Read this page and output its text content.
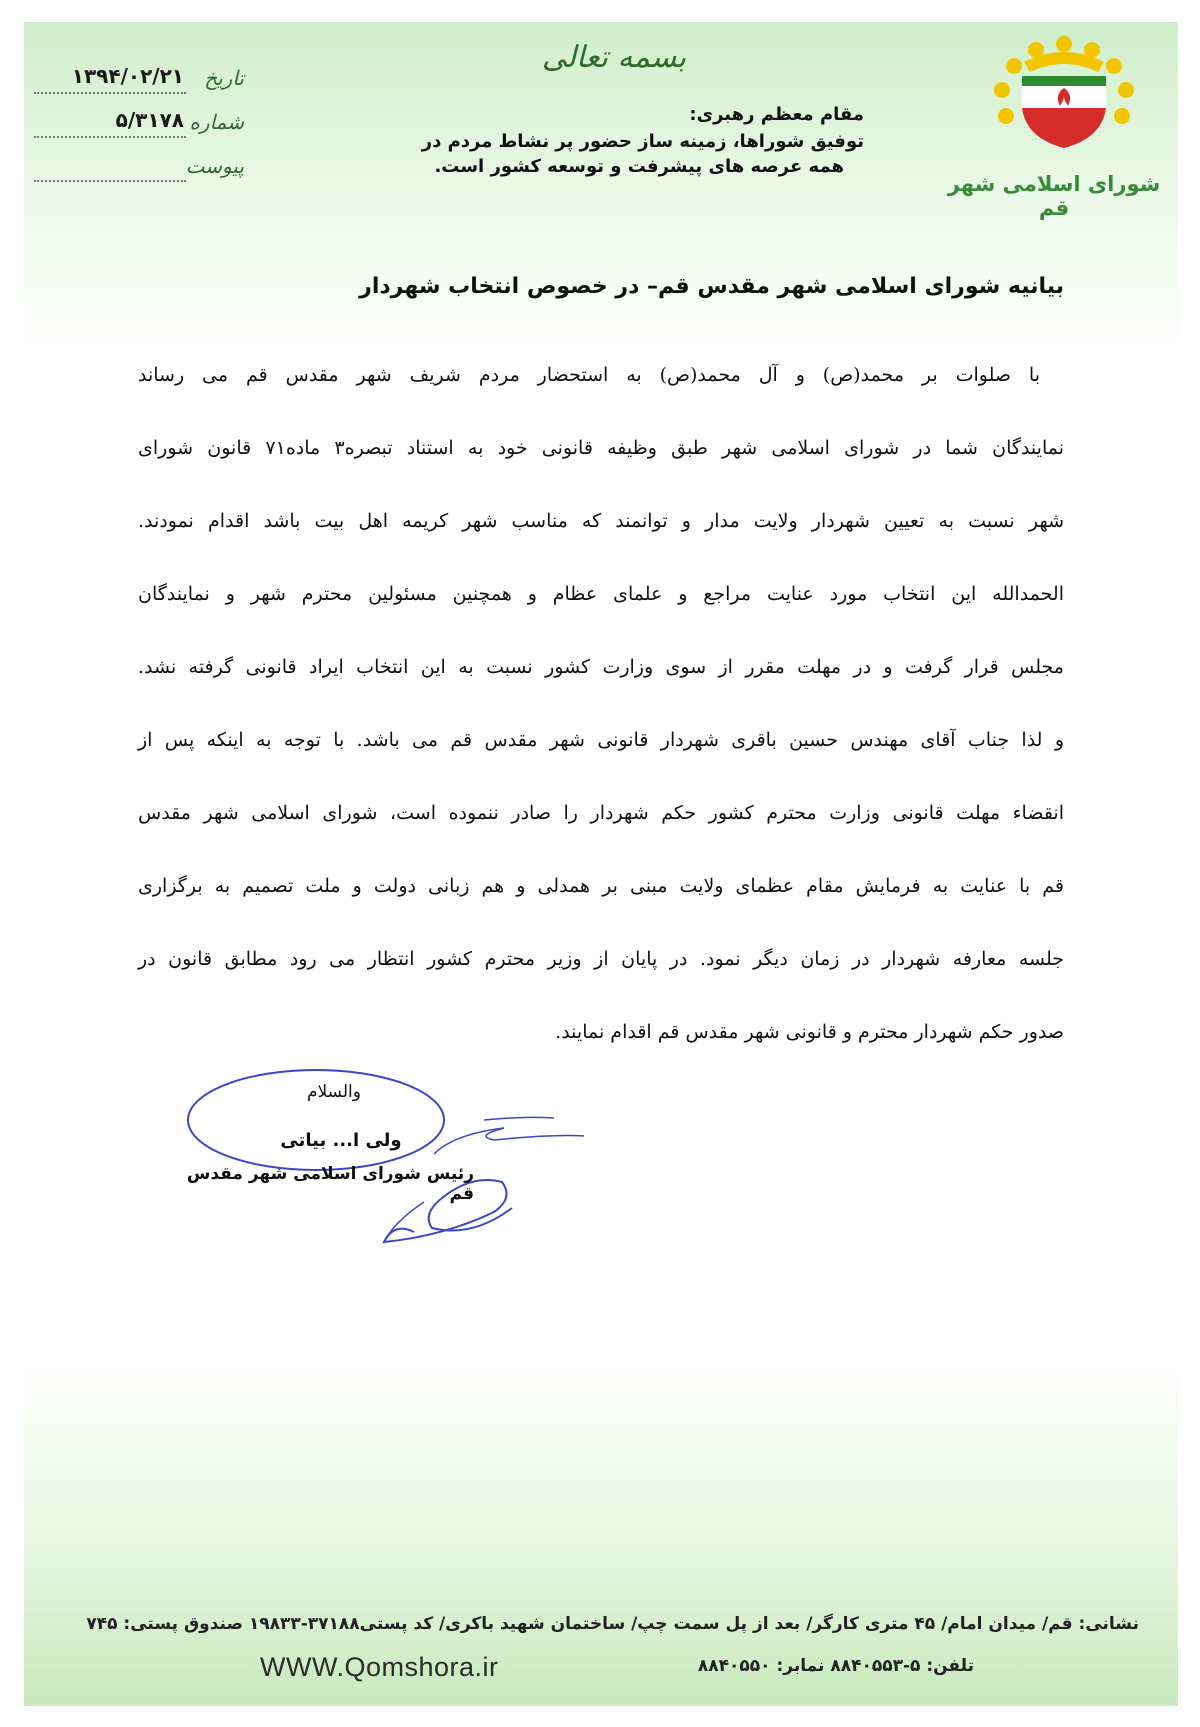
شورای اسلامی شهر قم
بسمه تعالی
مقام معظم رهبری:
توفیق شوراها، زمینه ساز حضور پر نشاط مردم در
همه عرصه های پیشرفت و توسعه کشور است.
تاریخ
۱۳۹۴/۰۲/۲۱
شماره
۵/۳۱۷۸
پیوست
بیانیه شورای اسلامی شهر مقدس قم– در خصوص انتخاب شهردار

با صلوات بر محمد(ص) و آل محمد(ص) به استحضار مردم شریف شهر مقدس قم می رساند

نمایندگان شما در شورای اسلامی شهر طبق وظیفه قانونی خود به استناد تبصره۳ ماده۷۱ قانون شورای

شهر نسبت به تعیین شهردار ولایت مدار و توانمند که مناسب شهر کریمه اهل بیت باشد اقدام نمودند.

الحمدالله این انتخاب مورد عنایت مراجع و علمای عظام و همچنین مسئولین محترم شهر و نمایندگان

مجلس قرار گرفت و در مهلت مقرر از سوی وزارت کشور نسبت به این انتخاب ایراد قانونی گرفته نشد.

و لذا جناب آقای مهندس حسین باقری شهردار قانونی شهر مقدس قم می باشد. با توجه به اینکه پس از

انقضاء مهلت قانونی وزارت محترم کشور حکم شهردار را صادر ننموده است، شورای اسلامی شهر مقدس

قم با عنایت به فرمایش مقام عظمای ولایت مبنی بر همدلی و هم زبانی دولت و ملت تصمیم به برگزاری

جلسه معارفه شهردار در زمان دیگر نمود. در پایان از وزیر محترم کشور انتظار می رود مطابق قانون در

صدور حکم شهردار محترم و قانونی شهر مقدس قم اقدام نمایند.

والسلام
ولی ا... بیاتی
رئیس شورای اسلامی شهر مقدس قم
نشانی: قم/ میدان امام/ ۴۵ متری کارگر/ بعد از پل سمت چپ/ ساختمان شهید باکری/ کد پستی۳۷۱۸۸-۱۹۸۳۳ صندوق پستی: ۷۴۵
تلفن: ۵-۸۸۴۰۵۵۳ نمابر: ۸۸۴۰۵۵۰
WWW.Qomshora.ir
